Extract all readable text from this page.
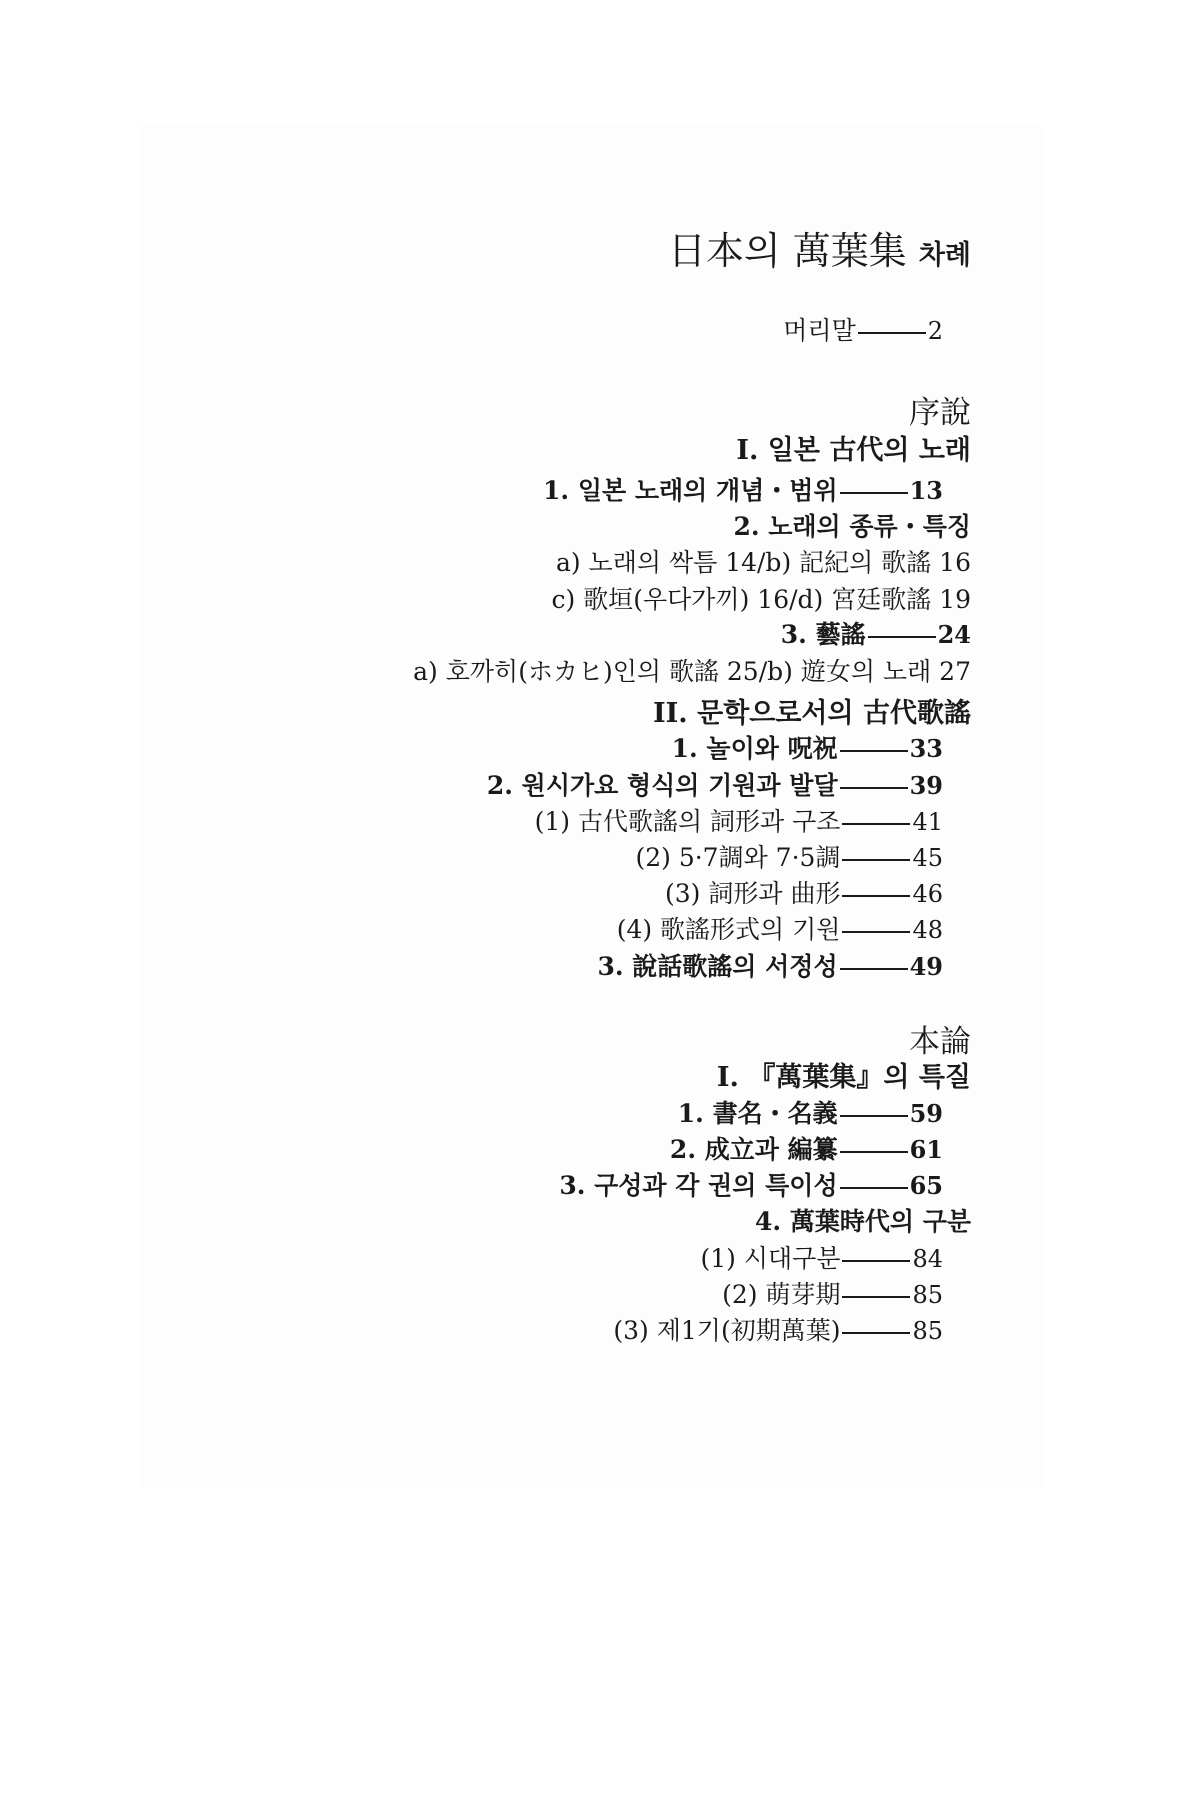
日本의 萬葉集 차례
머리말	2
序說
I. 일본 古代의 노래
1. 일본 노래의 개념・범위	13
2. 노래의 종류・특징
a) 노래의 싹틈 14/b) 記紀의 歌謠 16
c) 歌垣(우다가끼) 16/d) 宮廷歌謠 19
3. 藝謠	24
a) 호까히(ホカヒ)인의 歌謠 25/b) 遊女의 노래 27
II. 문학으로서의 古代歌謠
1. 놀이와 呪祝	33
2. 원시가요 형식의 기원과 발달	39
(1) 古代歌謠의 詞形과 구조	41
(2) 5·7調와 7·5調	45
(3) 詞形과 曲形	46
(4) 歌謠形式의 기원	48
3. 說話歌謠의 서정성	49
本論
I. 『萬葉集』의 특질
1. 書名・名義	59
2. 成立과 編纂	61
3. 구성과 각 권의 특이성	65
4. 萬葉時代의 구분
(1) 시대구분	84
(2) 萌芽期	85
(3) 제1기(初期萬葉)	85
